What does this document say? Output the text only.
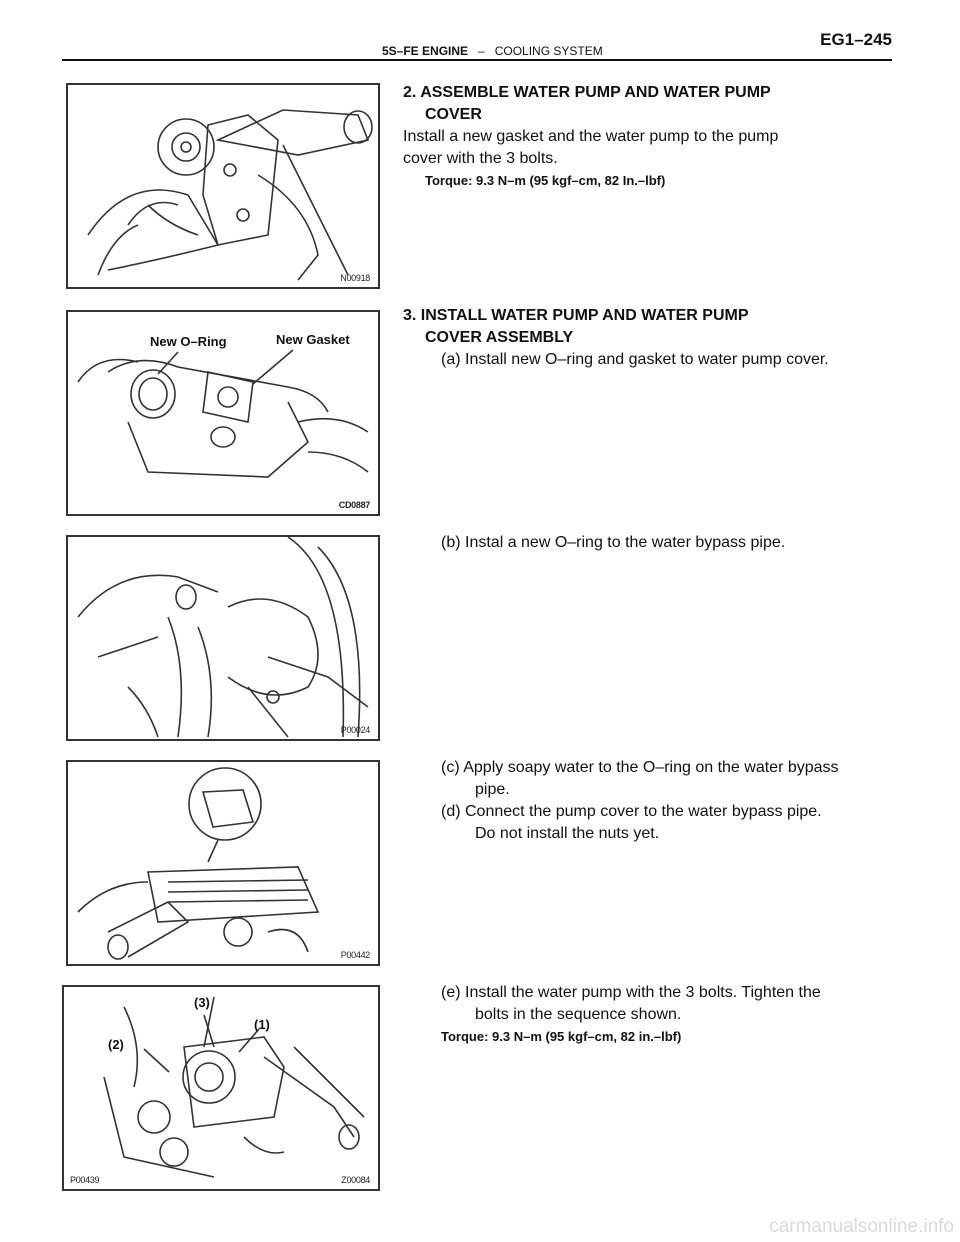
5S–FE ENGINE – COOLING SYSTEM
EG1–245
N00918
2. ASSEMBLE WATER PUMP AND WATER PUMP
COVER
Install a new gasket and the water pump to the pump
cover with the 3 bolts.
Torque: 9.3 N–m (95 kgf–cm, 82 In.–lbf)
New O–Ring	New Gasket
CD0887
3. INSTALL WATER PUMP AND WATER PUMP
COVER ASSEMBLY
(a) Install new O–ring and gasket to water pump cover.
P00024
(b) Instal a new O–ring to the water bypass pipe.
P00442
(c) Apply soapy water to the O–ring on the water bypass
pipe.
(d) Connect the pump cover to the water bypass pipe.
Do not install the nuts yet.
(3)
(1)
(2)
P00439	Z00084
(e) Install the water pump with the 3 bolts. Tighten the
bolts in the sequence shown.
Torque: 9.3 N–m (95 kgf–cm, 82 in.–lbf)
carmanualsonline.info
